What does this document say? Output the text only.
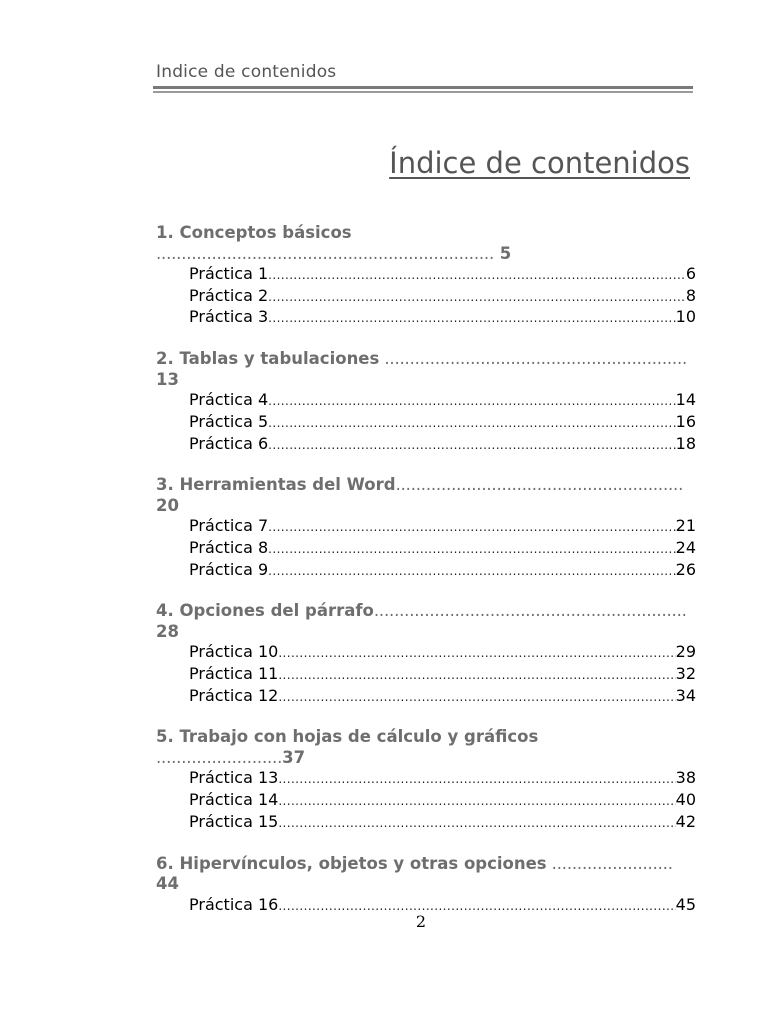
Indice de contenidos
Índice de contenidos
1. Conceptos básicos ................................................................... 5
Práctica 1 .....	6
Práctica 2 .....	8
Práctica 3 .....	10
2. Tablas y tabulaciones ............................................................ 13
Práctica 4 .....	14
Práctica 5 .....	16
Práctica 6 .....	18
3. Herramientas del Word......................................................... 20
Práctica 7 .....	21
Práctica 8 .....	24
Práctica 9 .....	26
4. Opciones del párrafo.............................................................. 28
Práctica 10 .....	29
Práctica 11 .....	32
Práctica 12 .....	34
5. Trabajo con hojas de cálculo y gráficos .........................37
Práctica 13 .....	38
Práctica 14 .....	40
Práctica 15 .....	42
6. Hipervínculos, objetos y otras opciones ........................ 44
Práctica 16 .....	45
2
